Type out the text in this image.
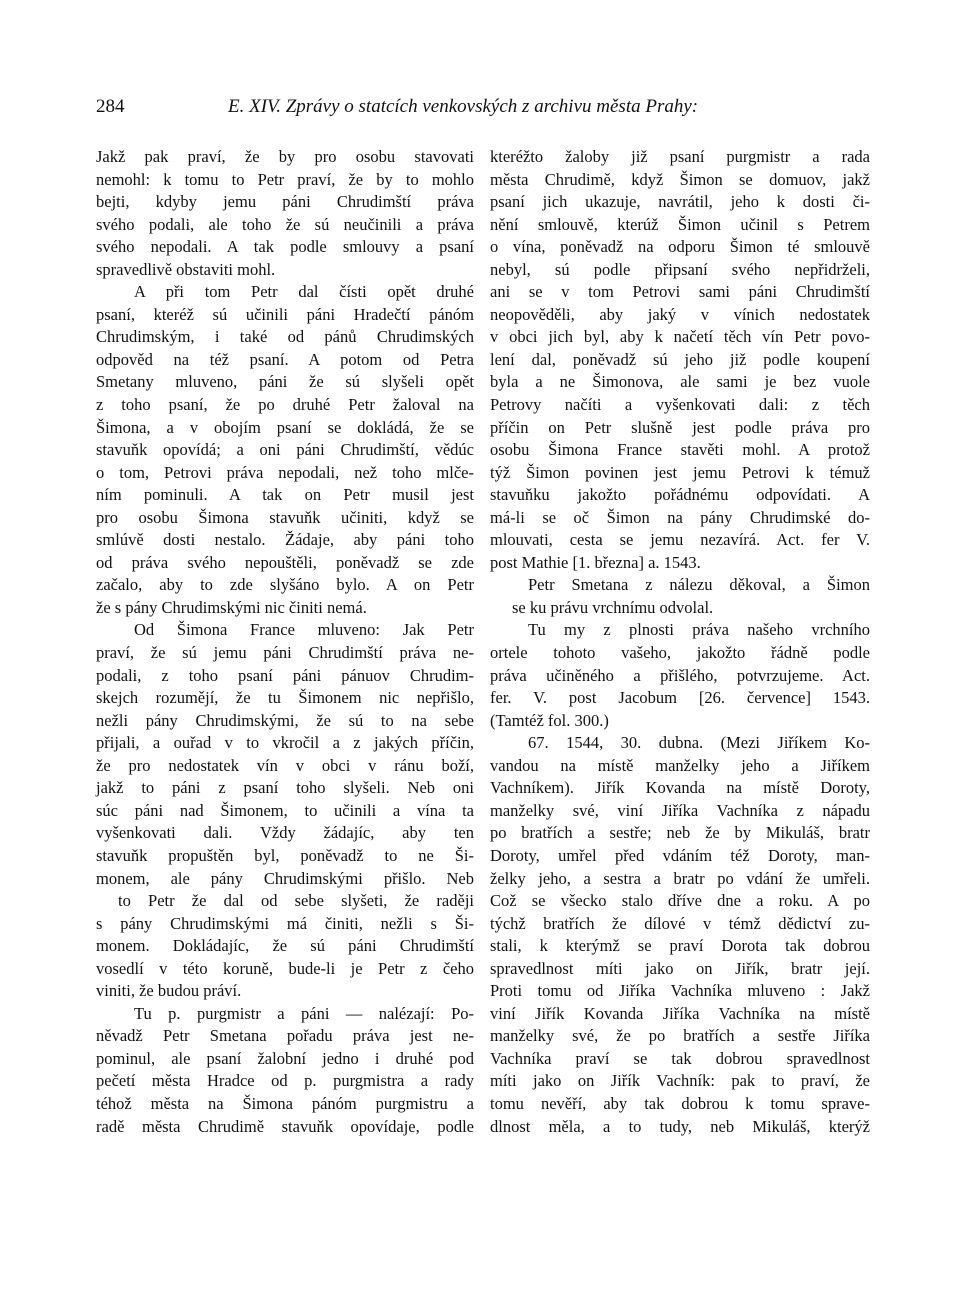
284	E. XIV. Zprávy o statcích venkovských z archivu města Prahy:
Jakž pak praví, že by pro osobu stavovati
nemohl: k tomu to Petr praví, že by to mohlo
bejti, kdyby jemu páni Chrudimští práva
svého podali, ale toho že sú neučinili a práva
svého nepodali. A tak podle smlouvy a psaní
spravedlivě obstaviti mohl.
A při tom Petr dal čísti opět druhé
psaní, kteréž sú učinili páni Hradečtí pánóm
Chrudimským, i také od pánů Chrudimských
odpověd na též psaní. A potom od Petra
Smetany mluveno, páni že sú slyšeli opět
z toho psaní, že po druhé Petr žaloval na
Šimona, a v obojím psaní se dokládá, že se
stavuňk opovídá; a oni páni Chrudimští, vědúc
o tom, Petrovi práva nepodali, než toho mlče-
ním pominuli. A tak on Petr musil jest
pro osobu Šimona stavuňk učiniti, když se
smlúvě dosti nestalo. Žádaje, aby páni toho
od práva svého nepouštěli, poněvadž se zde
začalo, aby to zde slyšáno bylo. A on Petr
že s pány Chrudimskými nic činiti nemá.
Od Šimona France mluveno: Jak Petr
praví, že sú jemu páni Chrudimští práva ne-
podali, z toho psaní páni pánuov Chrudim-
skejch rozumějí, že tu Šimonem nic nepřišlo,
nežli pány Chrudimskými, že sú to na sebe
přijali, a ouřad v to vkročil a z jakých příčin,
že pro nedostatek vín v obci v ránu boží,
jakž to páni z psaní toho slyšeli. Neb oni
súc páni nad Šimonem, to učinili a vína ta
vyšenkovati dali. Vždy žádajíc, aby ten
stavuňk propuštěn byl, poněvadž to ne Ši-
monem, ale pány Chrudimskými přišlo. Neb
to Petr že dal od sebe slyšeti, že raději
s pány Chrudimskými má činiti, nežli s Ši-
monem. Dokládajíc, že sú páni Chrudimští
vosedlí v této koruně, bude-li je Petr z čeho
viniti, že budou práví.
Tu p. purgmistr a páni — nalézají: Po-
něvadž Petr Smetana pořadu práva jest ne-
pominul, ale psaní žalobní jedno i druhé pod
pečetí města Hradce od p. purgmistra a rady
téhož města na Šimona pánóm purgmistru a
radě města Chrudimě stavuňk opovídaje, podle
kteréžto žaloby již psaní purgmistr a rada
města Chrudimě, když Šimon se domuov, jakž
psaní jich ukazuje, navrátil, jeho k dosti či-
nění smlouvě, kterúž Šimon učinil s Petrem
o vína, poněvadž na odporu Šimon té smlouvě
nebyl, sú podle připsaní svého nepřidrželi,
ani se v tom Petrovi sami páni Chrudimští
neopověděli, aby jaký v vínich nedostatek
v obci jich byl, aby k načetí těch vín Petr povo-
lení dal, poněvadž sú jeho již podle koupení
byla a ne Šimonova, ale sami je bez vuole
Petrovy načíti a vyšenkovati dali: z těch
příčin on Petr slušně jest podle práva pro
osobu Šimona France stavěti mohl. A protož
týž Šimon povinen jest jemu Petrovi k témuž
stavuňku jakožto pořádnému odpovídati. A
má-li se oč Šimon na pány Chrudimské do-
mlouvati, cesta se jemu nezavírá. Act. fer V.
post Mathie [1. března] a. 1543.
Petr Smetana z nálezu děkoval, a Šimon
se ku právu vrchnímu odvolal.
Tu my z plnosti práva našeho vrchního
ortele tohoto vašeho, jakožto řádně podle
práva učiněného a přišlého, potvrzujeme. Act.
fer. V. post Jacobum [26. července] 1543.
(Tamtéž fol. 300.)
67. 1544, 30. dubna. (Mezi Jiříkem Ko-
vandou na místě manželky jeho a Jiříkem
Vachníkem). Jiřík Kovanda na místě Doroty,
manželky své, viní Jiříka Vachníka z nápadu
po bratřích a sestře; neb že by Mikuláš, bratr
Doroty, umřel před vdáním též Doroty, man-
želky jeho, a sestra a bratr po vdání že umřeli.
Což se všecko stalo dříve dne a roku. A po
týchž bratřích že dílové v témž dědictví zu-
stali, k kterýmž se praví Dorota tak dobrou
spravedlnost míti jako on Jiřík, bratr její.
Proti tomu od Jiříka Vachníka mluveno : Jakž
viní Jiřík Kovanda Jiříka Vachníka na místě
manželky své, že po bratřích a sestře Jiříka
Vachníka praví se tak dobrou spravedlnost
míti jako on Jiřík Vachník: pak to praví, že
tomu nevěří, aby tak dobrou k tomu sprave-
dlnost měla, a to tudy, neb Mikuláš, kterýž
